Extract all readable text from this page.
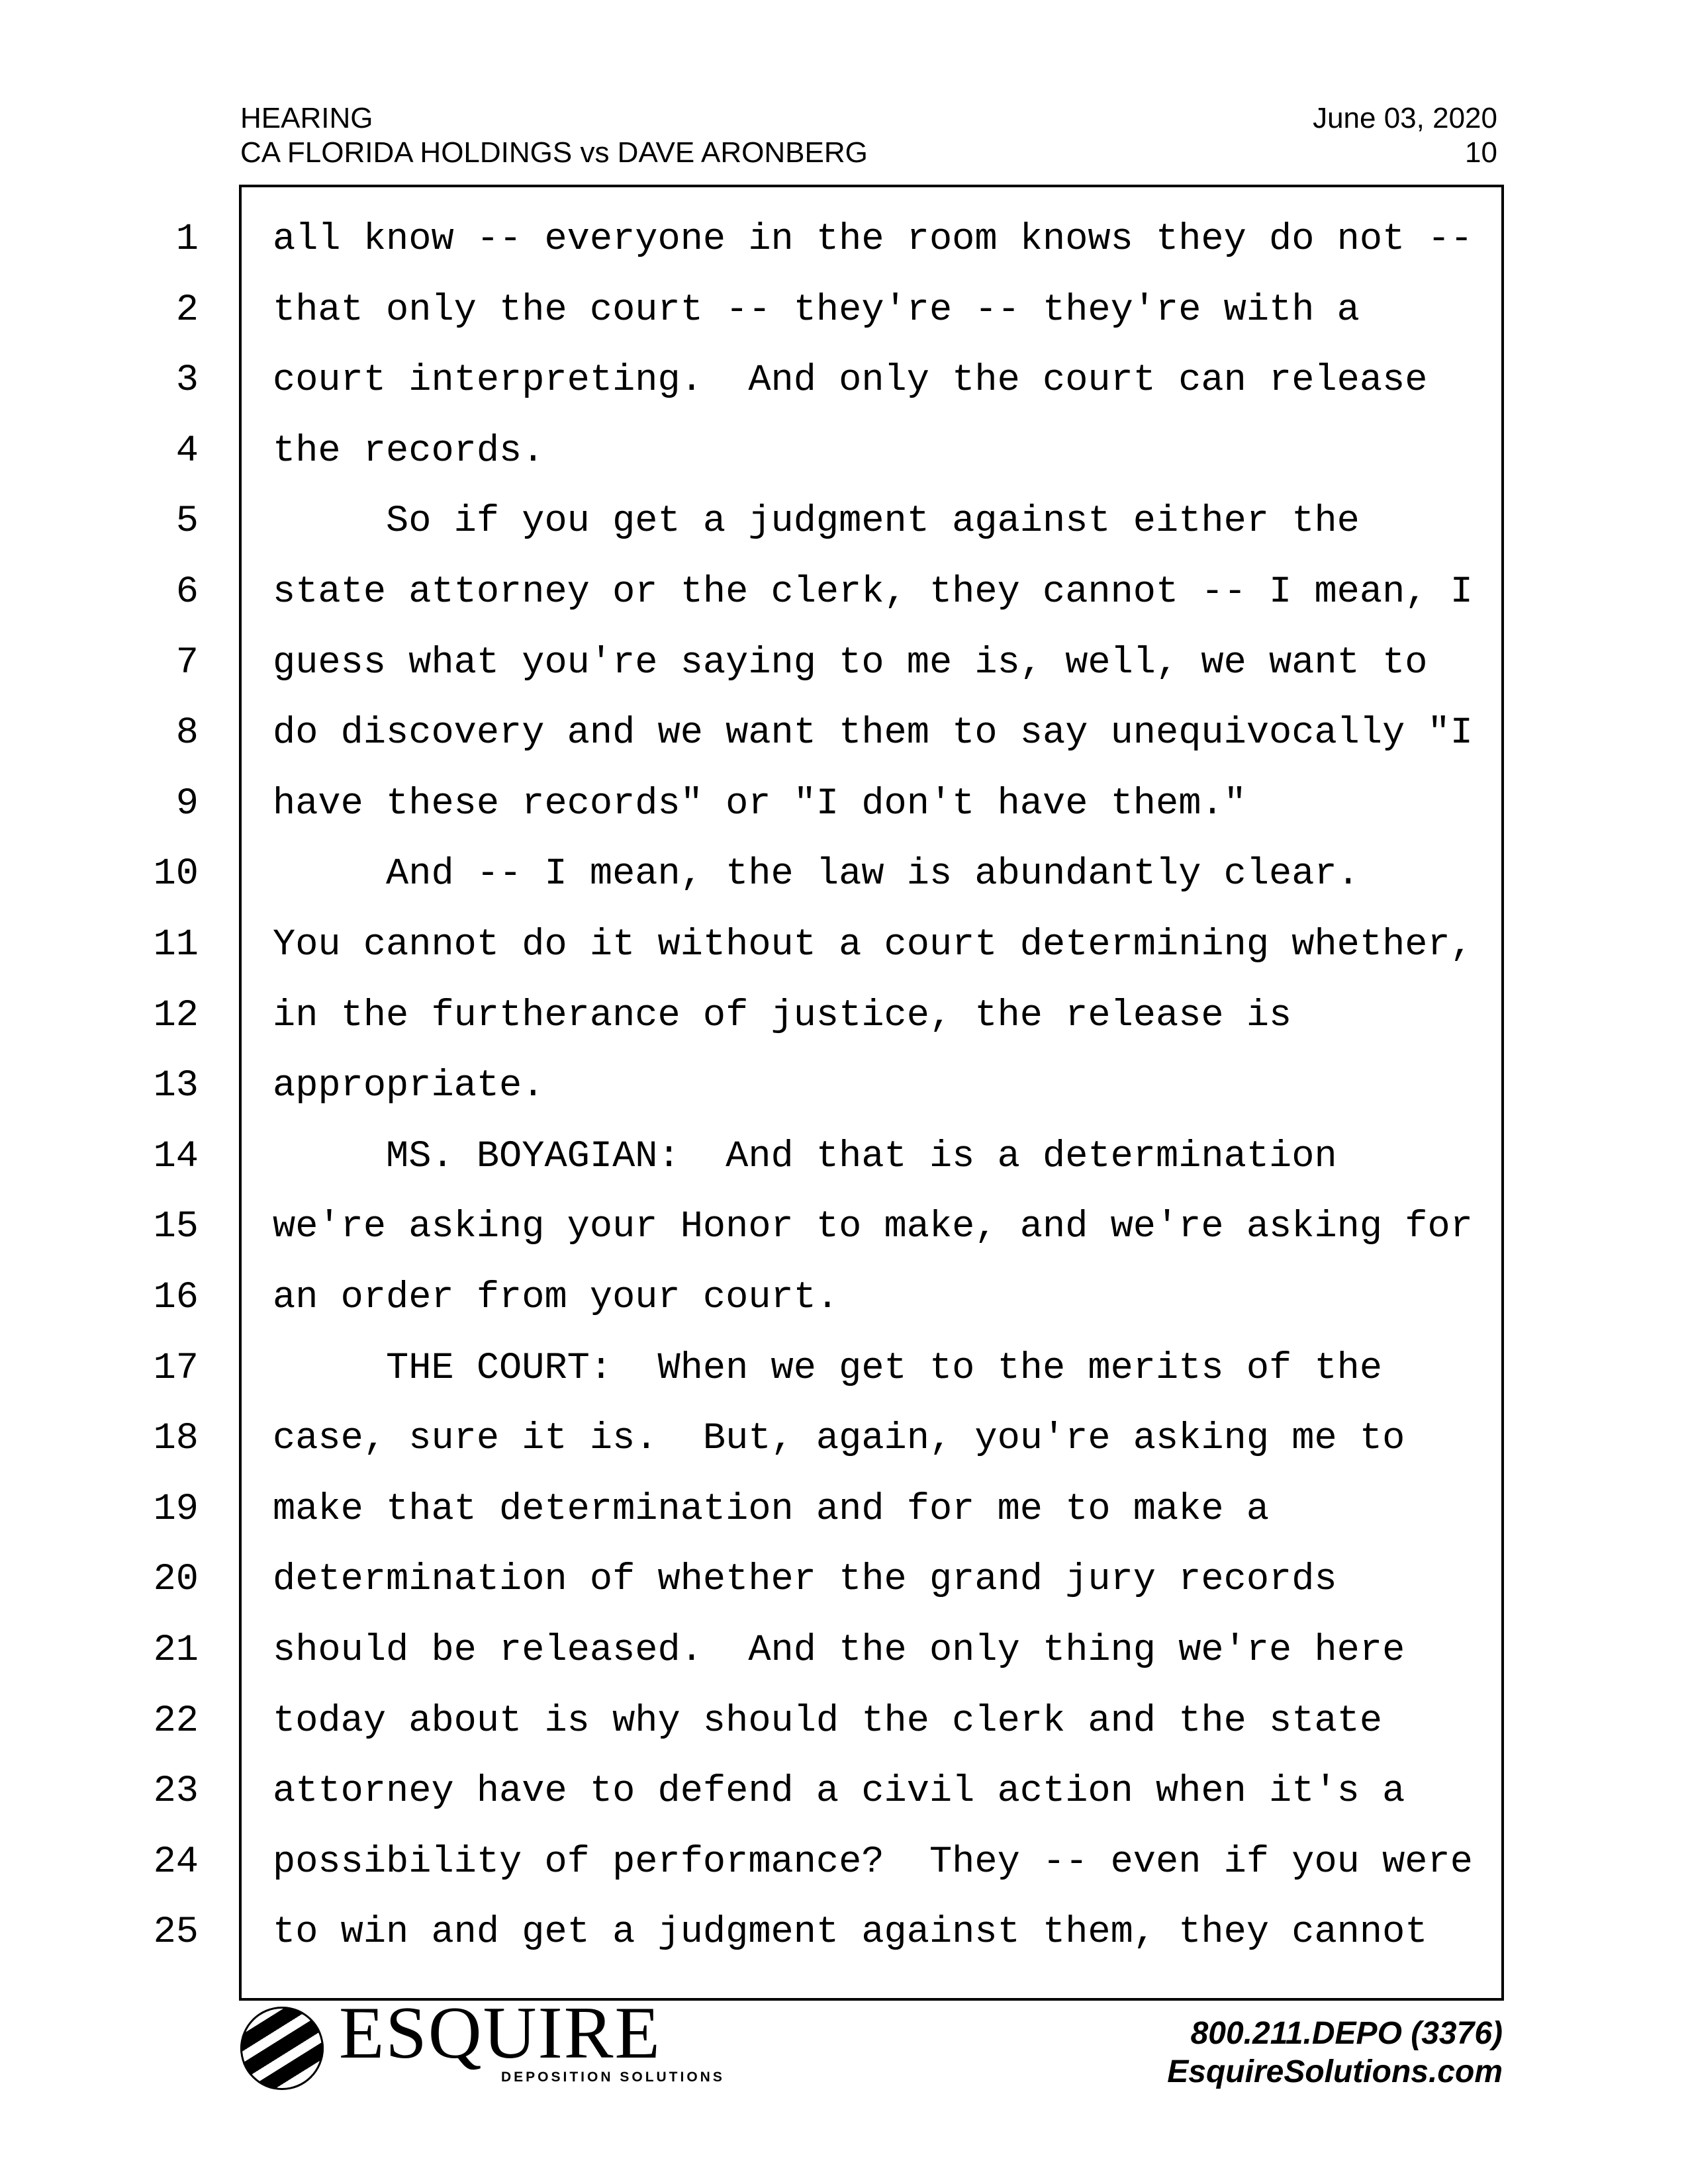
HEARING
CA FLORIDA HOLDINGS vs DAVE ARONBERG
June 03, 2020
10
1 all know -- everyone in the room knows they do not --
2 that only the court -- they're -- they're with a
3 court interpreting.  And only the court can release
4 the records.
5 So if you get a judgment against either the
6 state attorney or the clerk, they cannot -- I mean, I
7 guess what you're saying to me is, well, we want to
8 do discovery and we want them to say unequivocally "I
9 have these records" or "I don't have them."
10 And -- I mean, the law is abundantly clear.
11 You cannot do it without a court determining whether,
12 in the furtherance of justice, the release is
13 appropriate.
14 MS. BOYAGIAN:  And that is a determination
15 we're asking your Honor to make, and we're asking for
16 an order from your court.
17 THE COURT:  When we get to the merits of the
18 case, sure it is.  But, again, you're asking me to
19 make that determination and for me to make a
20 determination of whether the grand jury records
21 should be released.  And the only thing we're here
22 today about is why should the clerk and the state
23 attorney have to defend a civil action when it's a
24 possibility of performance?  They -- even if you were
25 to win and get a judgment against them, they cannot
ESQUIRE
DEPOSITION SOLUTIONS
800.211.DEPO (3376)
EsquireSolutions.com
